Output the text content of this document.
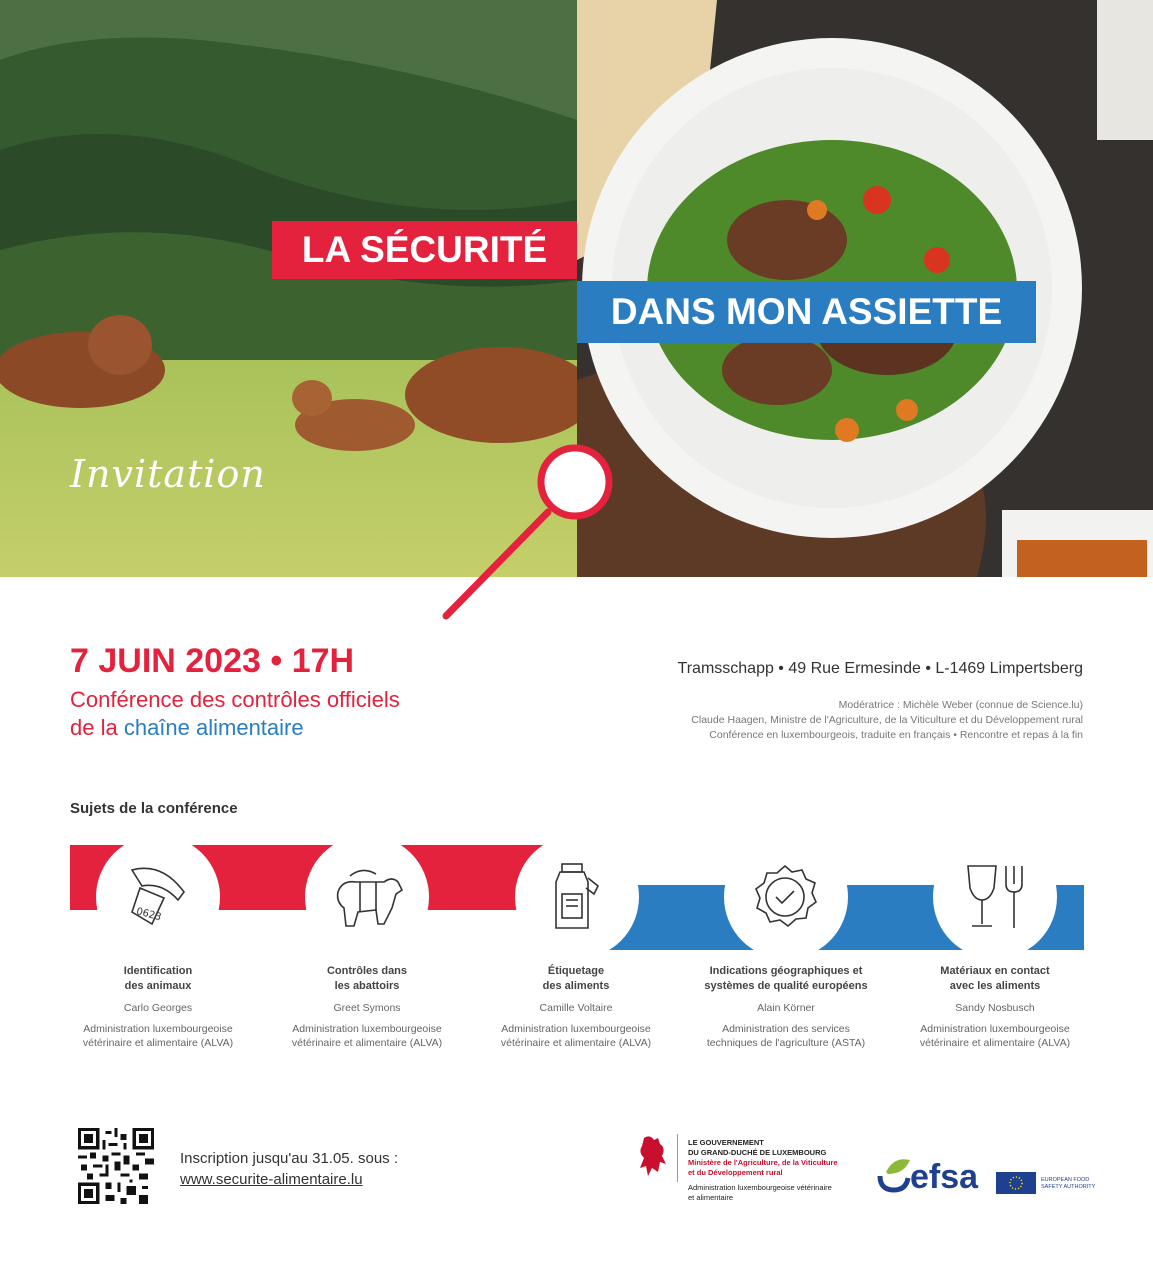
LA SÉCURITÉ
DANS MON ASSIETTE
Invitation
7 JUIN 2023 • 17H
Conférence des contrôles officiels
de la chaîne alimentaire
Tramsschapp • 49 Rue Ermesinde • L-1469 Limpertsberg
Modératrice : Michèle Weber (connue de Science.lu)
Claude Haagen, Ministre de l'Agriculture, de la Viticulture et du Développement rural
Conférence en luxembourgeois, traduite en français • Rencontre et repas à la fin
Sujets de la conférence
0623
Identification
des animaux
Carlo Georges
Administration luxembourgeoise
vétérinaire et alimentaire (ALVA)
Contrôles dans
les abattoirs
Greet Symons
Administration luxembourgeoise
vétérinaire et alimentaire (ALVA)
Étiquetage
des aliments
Camille Voltaire
Administration luxembourgeoise
vétérinaire et alimentaire (ALVA)
Indications géographiques et
systèmes de qualité européens
Alain Körner
Administration des services
techniques de l'agriculture (ASTA)
Matériaux en contact
avec les aliments
Sandy Nosbusch
Administration luxembourgeoise
vétérinaire et alimentaire (ALVA)
Inscription jusqu'au 31.05. sous :
www.securite-alimentaire.lu
LE GOUVERNEMENT
DU GRAND-DUCHÉ DE LUXEMBOURG
Ministère de l'Agriculture, de la Viticulture
et du Développement rural
Administration luxembourgeoise vétérinaire
et alimentaire
efsa	EUROPEAN FOOD
SAFETY AUTHORITY
